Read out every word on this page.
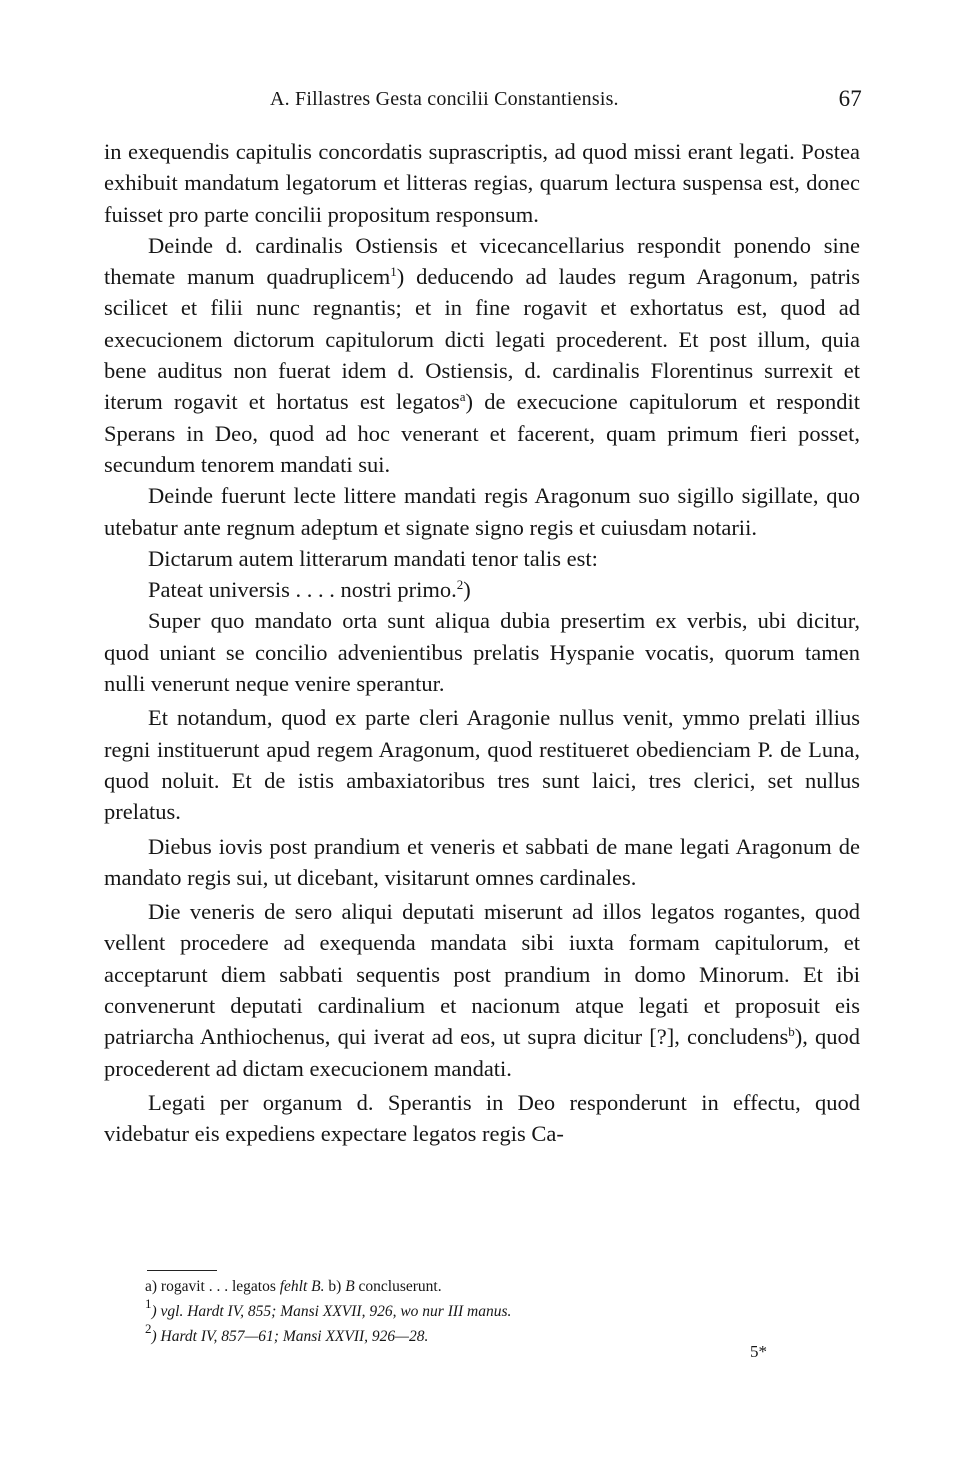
A. Fillastres Gesta concilii Constantiensis.	67

in exequendis capitulis concordatis suprascriptis, ad quod missi erant legati. Postea exhibuit mandatum legatorum et litteras regias, quarum lectura suspensa est, donec fuisset pro parte concilii propositum responsum.

Deinde d. cardinalis Ostiensis et vicecancellarius respondit ponendo sine themate manum quadruplicem$^1$) deducendo ad laudes regum Aragonum, patris scilicet et filii nunc regnantis; et in fine rogavit et exhortatus est, quod ad execucionem dictorum capitulorum dicti legati procederent. Et post illum, quia bene auditus non fuerat idem d. Ostiensis, d. cardinalis Florentinus surrexit et iterum rogavit et hortatus est legatos$^a$) de execucione capitulorum et respondit Sperans in Deo, quod ad hoc venerant et facerent, quam primum fieri posset, secundum tenorem mandati sui.

Deinde fuerunt lecte littere mandati regis Aragonum suo sigillo sigillate, quo utebatur ante regnum adeptum et signate signo regis et cuiusdam notarii.

Dictarum autem litterarum mandati tenor talis est:

Pateat universis . . . . nostri primo.$^2$)

Super quo mandato orta sunt aliqua dubia presertim ex verbis, ubi dicitur, quod uniant se concilio advenientibus prelatis Hyspanie vocatis, quorum tamen nulli venerunt neque venire sperantur.

Et notandum, quod ex parte cleri Aragonie nullus venit, ymmo prelati illius regni instituerunt apud regem Aragonum, quod restitueret obedienciam P. de Luna, quod noluit. Et de istis ambaxiatoribus tres sunt laici, tres clerici, set nullus prelatus.

Diebus iovis post prandium et veneris et sabbati de mane legati Aragonum de mandato regis sui, ut dicebant, visitarunt omnes cardinales.

Die veneris de sero aliqui deputati miserunt ad illos legatos rogantes, quod vellent procedere ad exequenda mandata sibi iuxta formam capitulorum, et acceptarunt diem sabbati sequentis post prandium in domo Minorum. Et ibi convenerunt deputati cardinalium et nacionum atque legati et proposuit eis patriarcha Anthiochenus, qui iverat ad eos, ut supra dicitur [?], concludens$^b$), quod procederent ad dictam execucionem mandati.

Legati per organum d. Sperantis in Deo responderunt in effectu, quod videbatur eis expediens expectare legatos regis Ca-

a) rogavit . . . legatos fehlt B. b) B concluserunt.

$^1$) vgl. Hardt IV, 855; Mansi XXVII, 926, wo nur III manus.

$^2$) Hardt IV, 857—61; Mansi XXVII, 926—28.

5*
